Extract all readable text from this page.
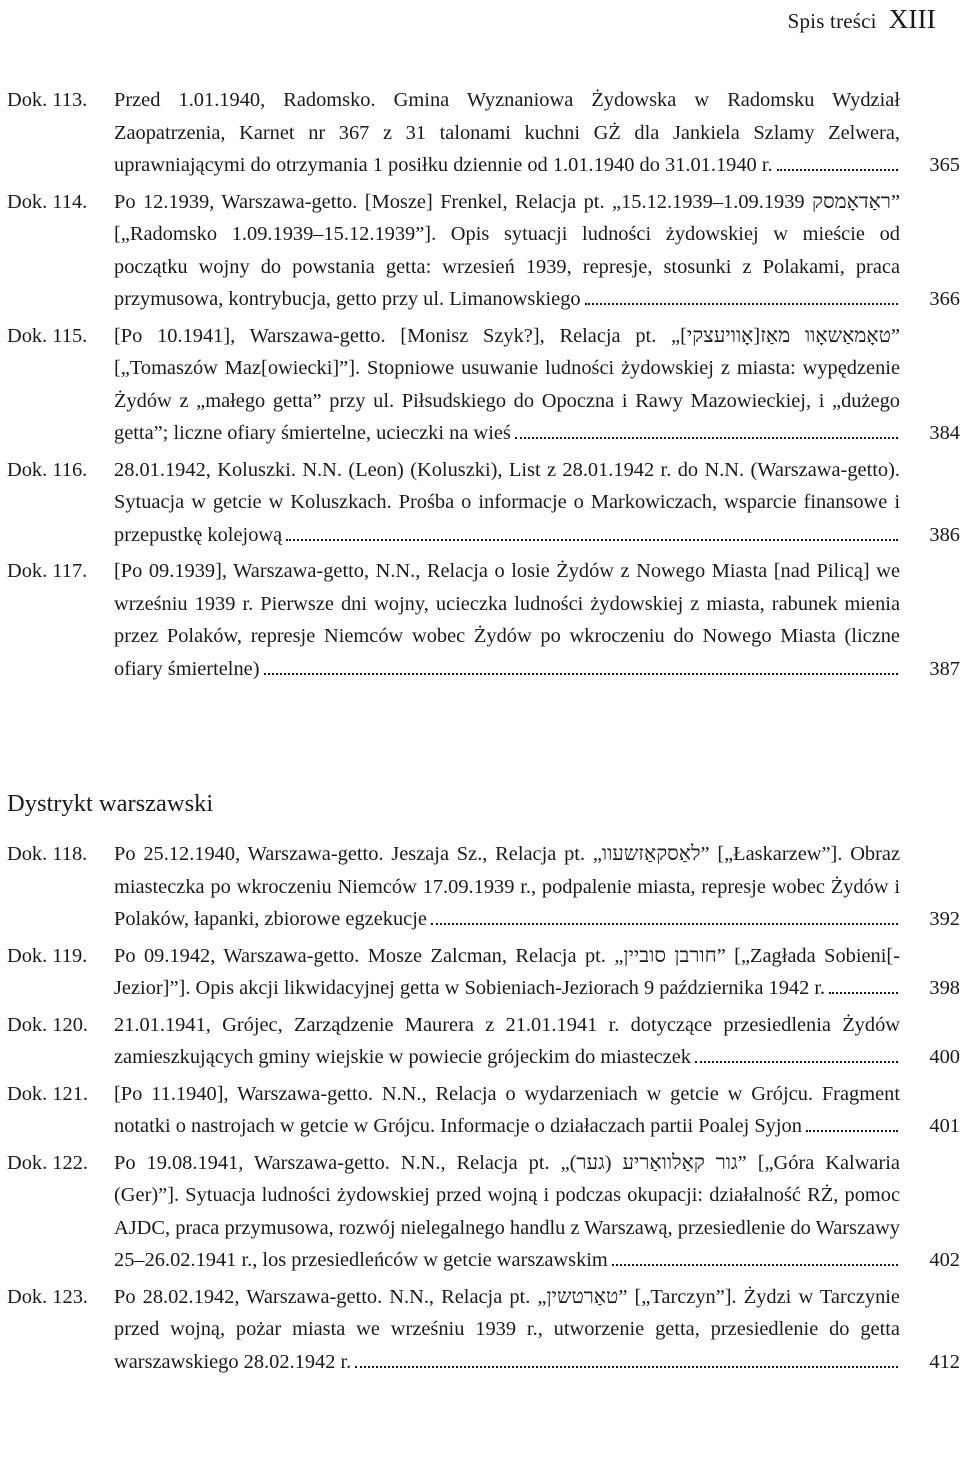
Spis treści XIII
Dok. 113. Przed 1.01.1940, Radomsko. Gmina Wyznaniowa Żydowska w Radomsku Wydział Zaopatrzenia, Karnet nr 367 z 31 talonami kuchni GŻ dla Jankiela Szlamy Zelwera, uprawniającymi do otrzymania 1 posiłku dziennie od 1.01.1940 do 31.01.1940 r.	365
Dok. 114. Po 12.1939, Warszawa-getto. [Mosze] Frenkel, Relacja pt. „ראַדאָמסק 1.09.1939–15.12.1939” [„Radomsko 1.09.1939–15.12.1939”]. Opis sytuacji ludności żydowskiej w mieście od początku wojny do powstania getta: wrzesień 1939, represje, stosunki z Polakami, praca przymusowa, kontrybucja, getto przy ul. Limanowskiego	366
Dok. 115. [Po 10.1941], Warszawa-getto. [Monisz Szyk?], Relacja pt. „טאָמאַשאָוו מאַז[אָוויעצקי]” [„Tomaszów Maz[owiecki]”]. Stopniowe usuwanie ludności żydowskiej z miasta: wypędzenie Żydów z „małego getta” przy ul. Piłsudskiego do Opoczna i Rawy Mazowieckiej, i „dużego getta”; liczne ofiary śmiertelne, ucieczki na wieś	384
Dok. 116. 28.01.1942, Koluszki. N.N. (Leon) (Koluszki), List z 28.01.1942 r. do N.N. (Warszawa-getto). Sytuacja w getcie w Koluszkach. Prośba o informacje o Markowiczach, wsparcie finansowe i przepustkę kolejową	386
Dok. 117. [Po 09.1939], Warszawa-getto, N.N., Relacja o losie Żydów z Nowego Miasta [nad Pilicą] we wrześniu 1939 r. Pierwsze dni wojny, ucieczka ludności żydowskiej z miasta, rabunek mienia przez Polaków, represje Niemców wobec Żydów po wkroczeniu do Nowego Miasta (liczne ofiary śmiertelne)	387
Dystrykt warszawski
Dok. 118. Po 25.12.1940, Warszawa-getto. Jeszaja Sz., Relacja pt. „לאַסקאַזשעוו” [„Łaskarzew”]. Obraz miasteczka po wkroczeniu Niemców 17.09.1939 r., podpalenie miasta, represje wobec Żydów i Polaków, łapanki, zbiorowe egzekucje	392
Dok. 119. Po 09.1942, Warszawa-getto. Mosze Zalcman, Relacja pt. „חורבן סוביין” [„Zagłada Sobieni[-Jezior]”]. Opis akcji likwidacyjnej getta w Sobieniach-Jeziorach 9 października 1942 r.	398
Dok. 120. 21.01.1941, Grójec, Zarządzenie Maurera z 21.01.1941 r. dotyczące przesiedlenia Żydów zamieszkujących gminy wiejskie w powiecie grójeckim do miasteczek	400
Dok. 121. [Po 11.1940], Warszawa-getto. N.N., Relacja o wydarzeniach w getcie w Grójcu. Fragment notatki o nastrojach w getcie w Grójcu. Informacje o działaczach partii Poalej Syjon	401
Dok. 122. Po 19.08.1941, Warszawa-getto. N.N., Relacja pt. „גור קאַלוואַריע (גער)” [„Góra Kalwaria (Ger)”]. Sytuacja ludności żydowskiej przed wojną i podczas okupacji: działalność RŻ, pomoc AJDC, praca przymusowa, rozwój nielegalnego handlu z Warszawą, przesiedlenie do Warszawy 25–26.02.1941 r., los przesiedleńców w getcie warszawskim	402
Dok. 123. Po 28.02.1942, Warszawa-getto. N.N., Relacja pt. „טאַרטשין” [„Tarczyn”]. Żydzi w Tarczynie przed wojną, pożar miasta we wrześniu 1939 r., utworzenie getta, przesiedlenie do getta warszawskiego 28.02.1942 r.	412
